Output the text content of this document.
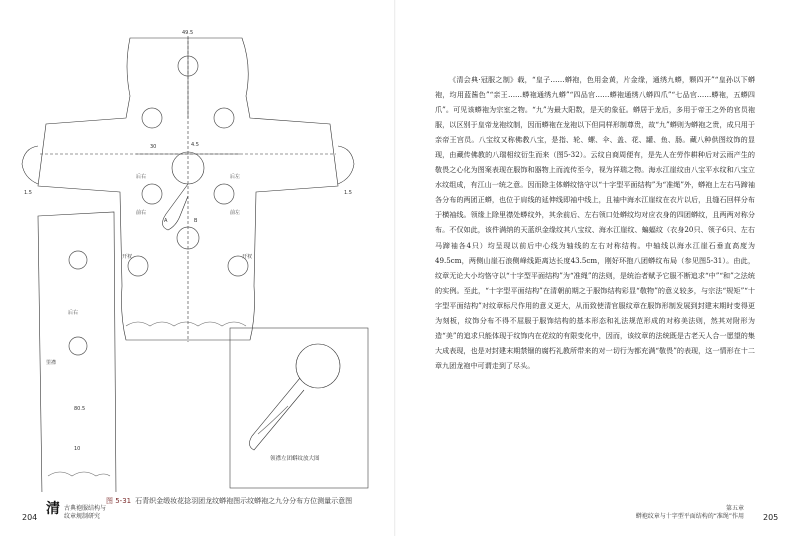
49.5
4.5
30
后右	后左
前右	前左
开衩	开衩
1.5	1.5
后右
里襟
A	B
80.5
10
领襟左团蟒纹放大图
图 5-31 石青织金缎妆花捻羽团龙纹蟒袍图示纹蟒袍之九分分布方位测量示意图
204
清 古典袍服结构与
纹章规制研究

《清会典·冠服之制》载，“皇子……蟒袍，色用金黄，片金缘，通绣九蟒，颗四开”“皇孙以下蟒袍，均用蓝酱色”“亲王……蟒袍通绣九蟒”“四品官……蟒袍通绣八蟒四爪”“七品官……蟒袍，五蟒四爪”。可见该蟒袍为宗室之物。“九”为最大阳数，是天的象征。蟒居于龙后，多用于帝王之外的官员袍服，以区别于皇帝龙袍纹制，因而蟒袍在龙袍以下但同样形制尊贵，故“九”蟒则为蟒袍之贵，成只用于亲帝王宫员。八宝纹又称佛教八宝，是指、轮、螺、伞、盖、花、罐、鱼、肠。藏八种供图纹饰的显现，由藏传佛教的八瑞相纹衍生而来（图5-32）。云纹自商周便有，是先人在劳作耕种后对云雨产生的敬畏之心化为图案表现在服饰和器物上而流传至今，视为祥瑞之物。海水江崖纹由八宝平水纹和八宝立水纹组成，有江山一统之意。因而除主体蟒纹恪守以“十字型平面结构”为“准绳”外，蟒袍上左右马蹄袖各分布的两团正蟒，也位于肩线的延伸线即袖中线上，且袖中海水江崖纹在衣片以后，且缝石回样分布于横袖线。领缘上除里襟处蟒纹外，其余前后、左右领口处蟒纹均对应衣身的四团蟒纹，且两两对称分布。不仅如此，该件满纳的天蓝织金缘纹其八宝纹、海水江崖纹、蝙蝠纹（衣身20只、领子6只、左右马蹄袖各4只）均呈现以前后中心线为轴线的左右对称结构。中轴线以海水江崖石垂直高度为49.5cm，两侧山崖石浪侧峰线距离达长度43.5cm，刚好环抱八团蟒纹布局（参见图5-31）。由此，纹章无论大小均恪守以“十字型平面结构”为“准绳”的法则，是统治者赋予它服不断追求“中”“和”之法统的实例。至此，“十字型平面结构”在清朝前期之于服饰结构彩显“敬物”的意义较多，与宗法“规矩”“十字型平面结构”对纹章标尺作用的意义更大，从而致使清官服纹章在服饰形制发展到封建末期时变得更为刻板，纹饰分布不得不屈服于服饰结构的基本形态和礼法规范形成的对称美法则，然其对附形为造“美”的追求只能体现于纹饰内在花纹的有限变化中，因而，该纹章的法统既是古老天人合一愿望的集大成表现，也是对封建末期禁锢的腐朽礼教所带来的对一切行为都充满“敬畏”的表现，这一情形在十二章九团龙袍中可谓走到了尽头。

第五章
蟒袍纹章与十字型平面结构的“准绳”作用 205
